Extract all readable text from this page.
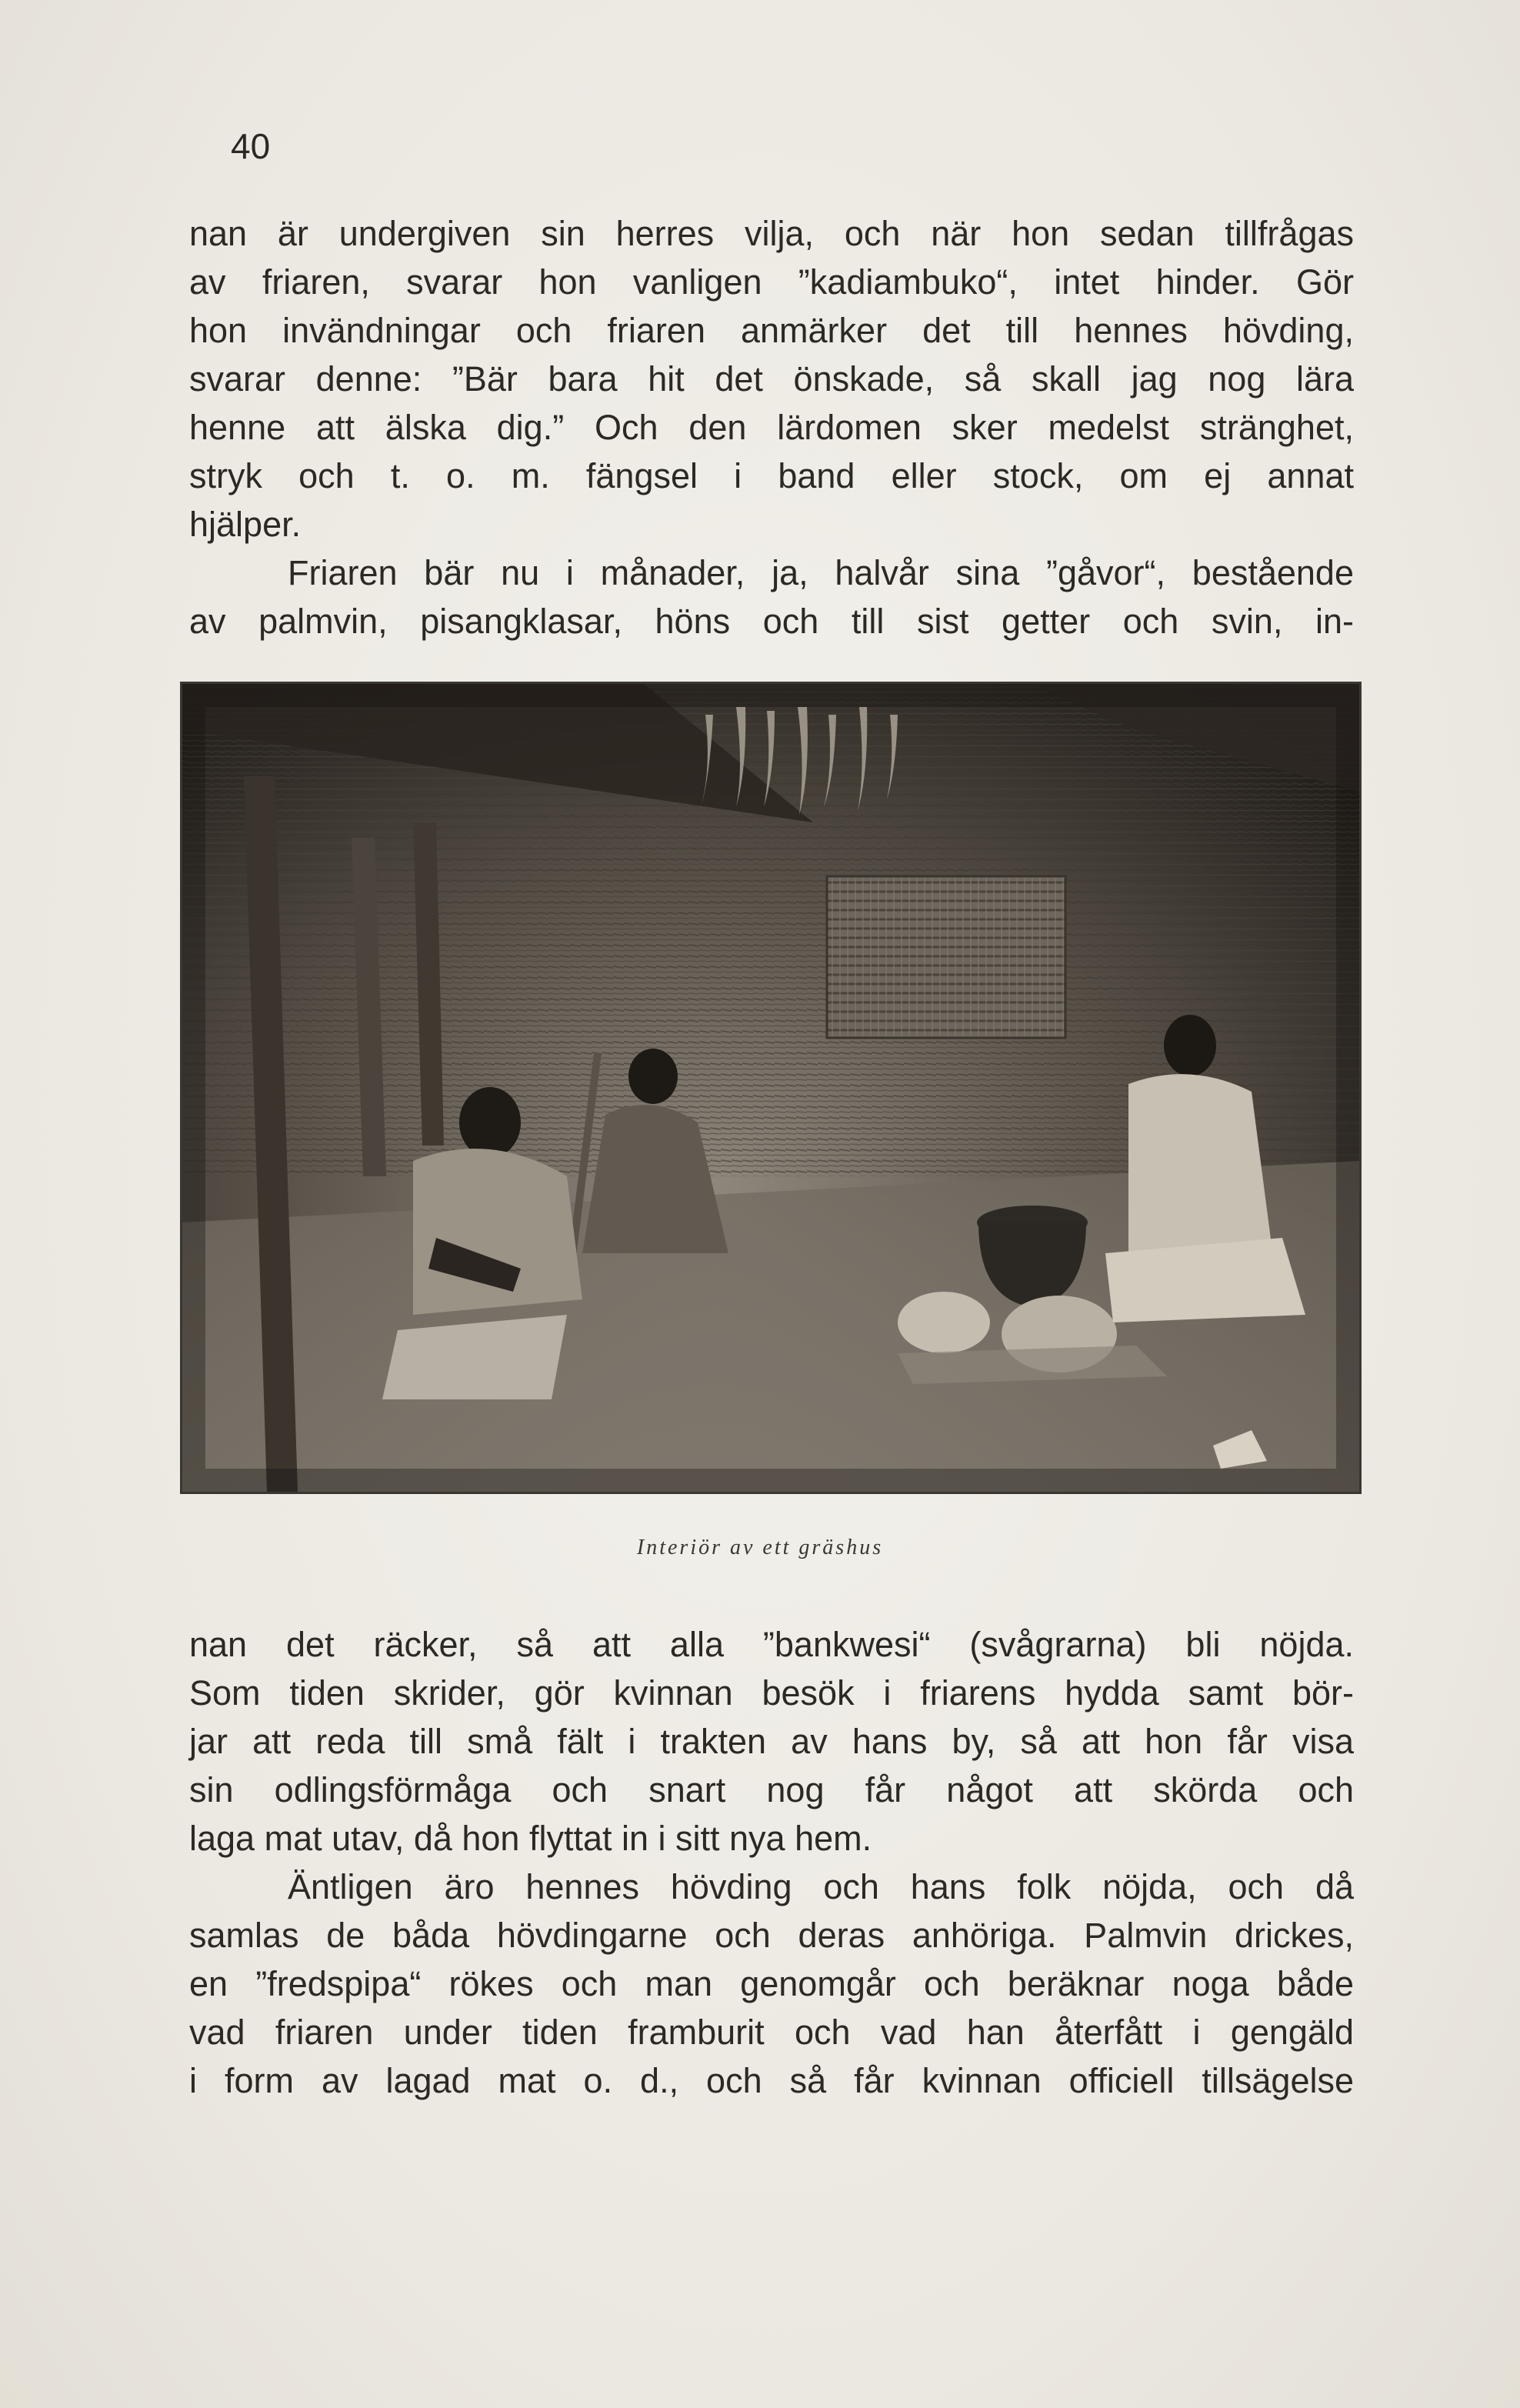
40
nan är undergiven sin herres vilja, och när hon sedan tillfrågas
av friaren, svarar hon vanligen ”kadiambuko“, intet hinder. Gör
hon invändningar och friaren anmärker det till hennes hövding,
svarar denne: ”Bär bara hit det önskade, så skall jag nog lära
henne att älska dig.” Och den lärdomen sker medelst stränghet,
stryk och t. o. m. fängsel i band eller stock, om ej annat
hjälper.
Friaren bär nu i månader, ja, halvår sina ”gåvor“, bestående
av palmvin, pisangklasar, höns och till sist getter och svin, in-
Interiör av ett gräshus
nan det räcker, så att alla ”bankwesi“ (svågrarna) bli nöjda.
Som tiden skrider, gör kvinnan besök i friarens hydda samt bör-
jar att reda till små fält i trakten av hans by, så att hon får visa
sin odlingsförmåga och snart nog får något att skörda och
laga mat utav, då hon flyttat in i sitt nya hem.
Äntligen äro hennes hövding och hans folk nöjda, och då
samlas de båda hövdingarne och deras anhöriga. Palmvin drickes,
en ”fredspipa“ rökes och man genomgår och beräknar noga både
vad friaren under tiden framburit och vad han återfått i gengäld
i form av lagad mat o. d., och så får kvinnan officiell tillsägelse
